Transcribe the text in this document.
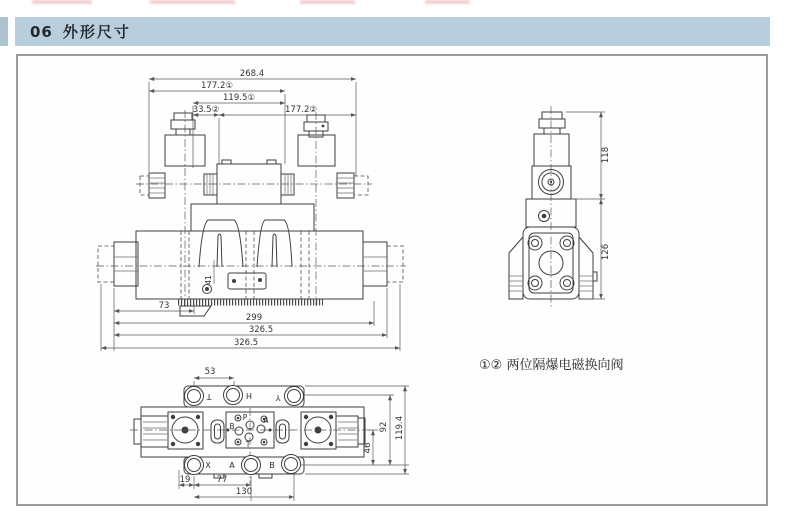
06 外形尺寸
268.4
177.2①
119.5①
33.5②	177.2②
41
73
299
326.5
326.5
118
126
①② 两位隔爆电磁换向阀
53
T	H	Y
P A
B
T
X A	B
46
92 119.4
19	77
130
